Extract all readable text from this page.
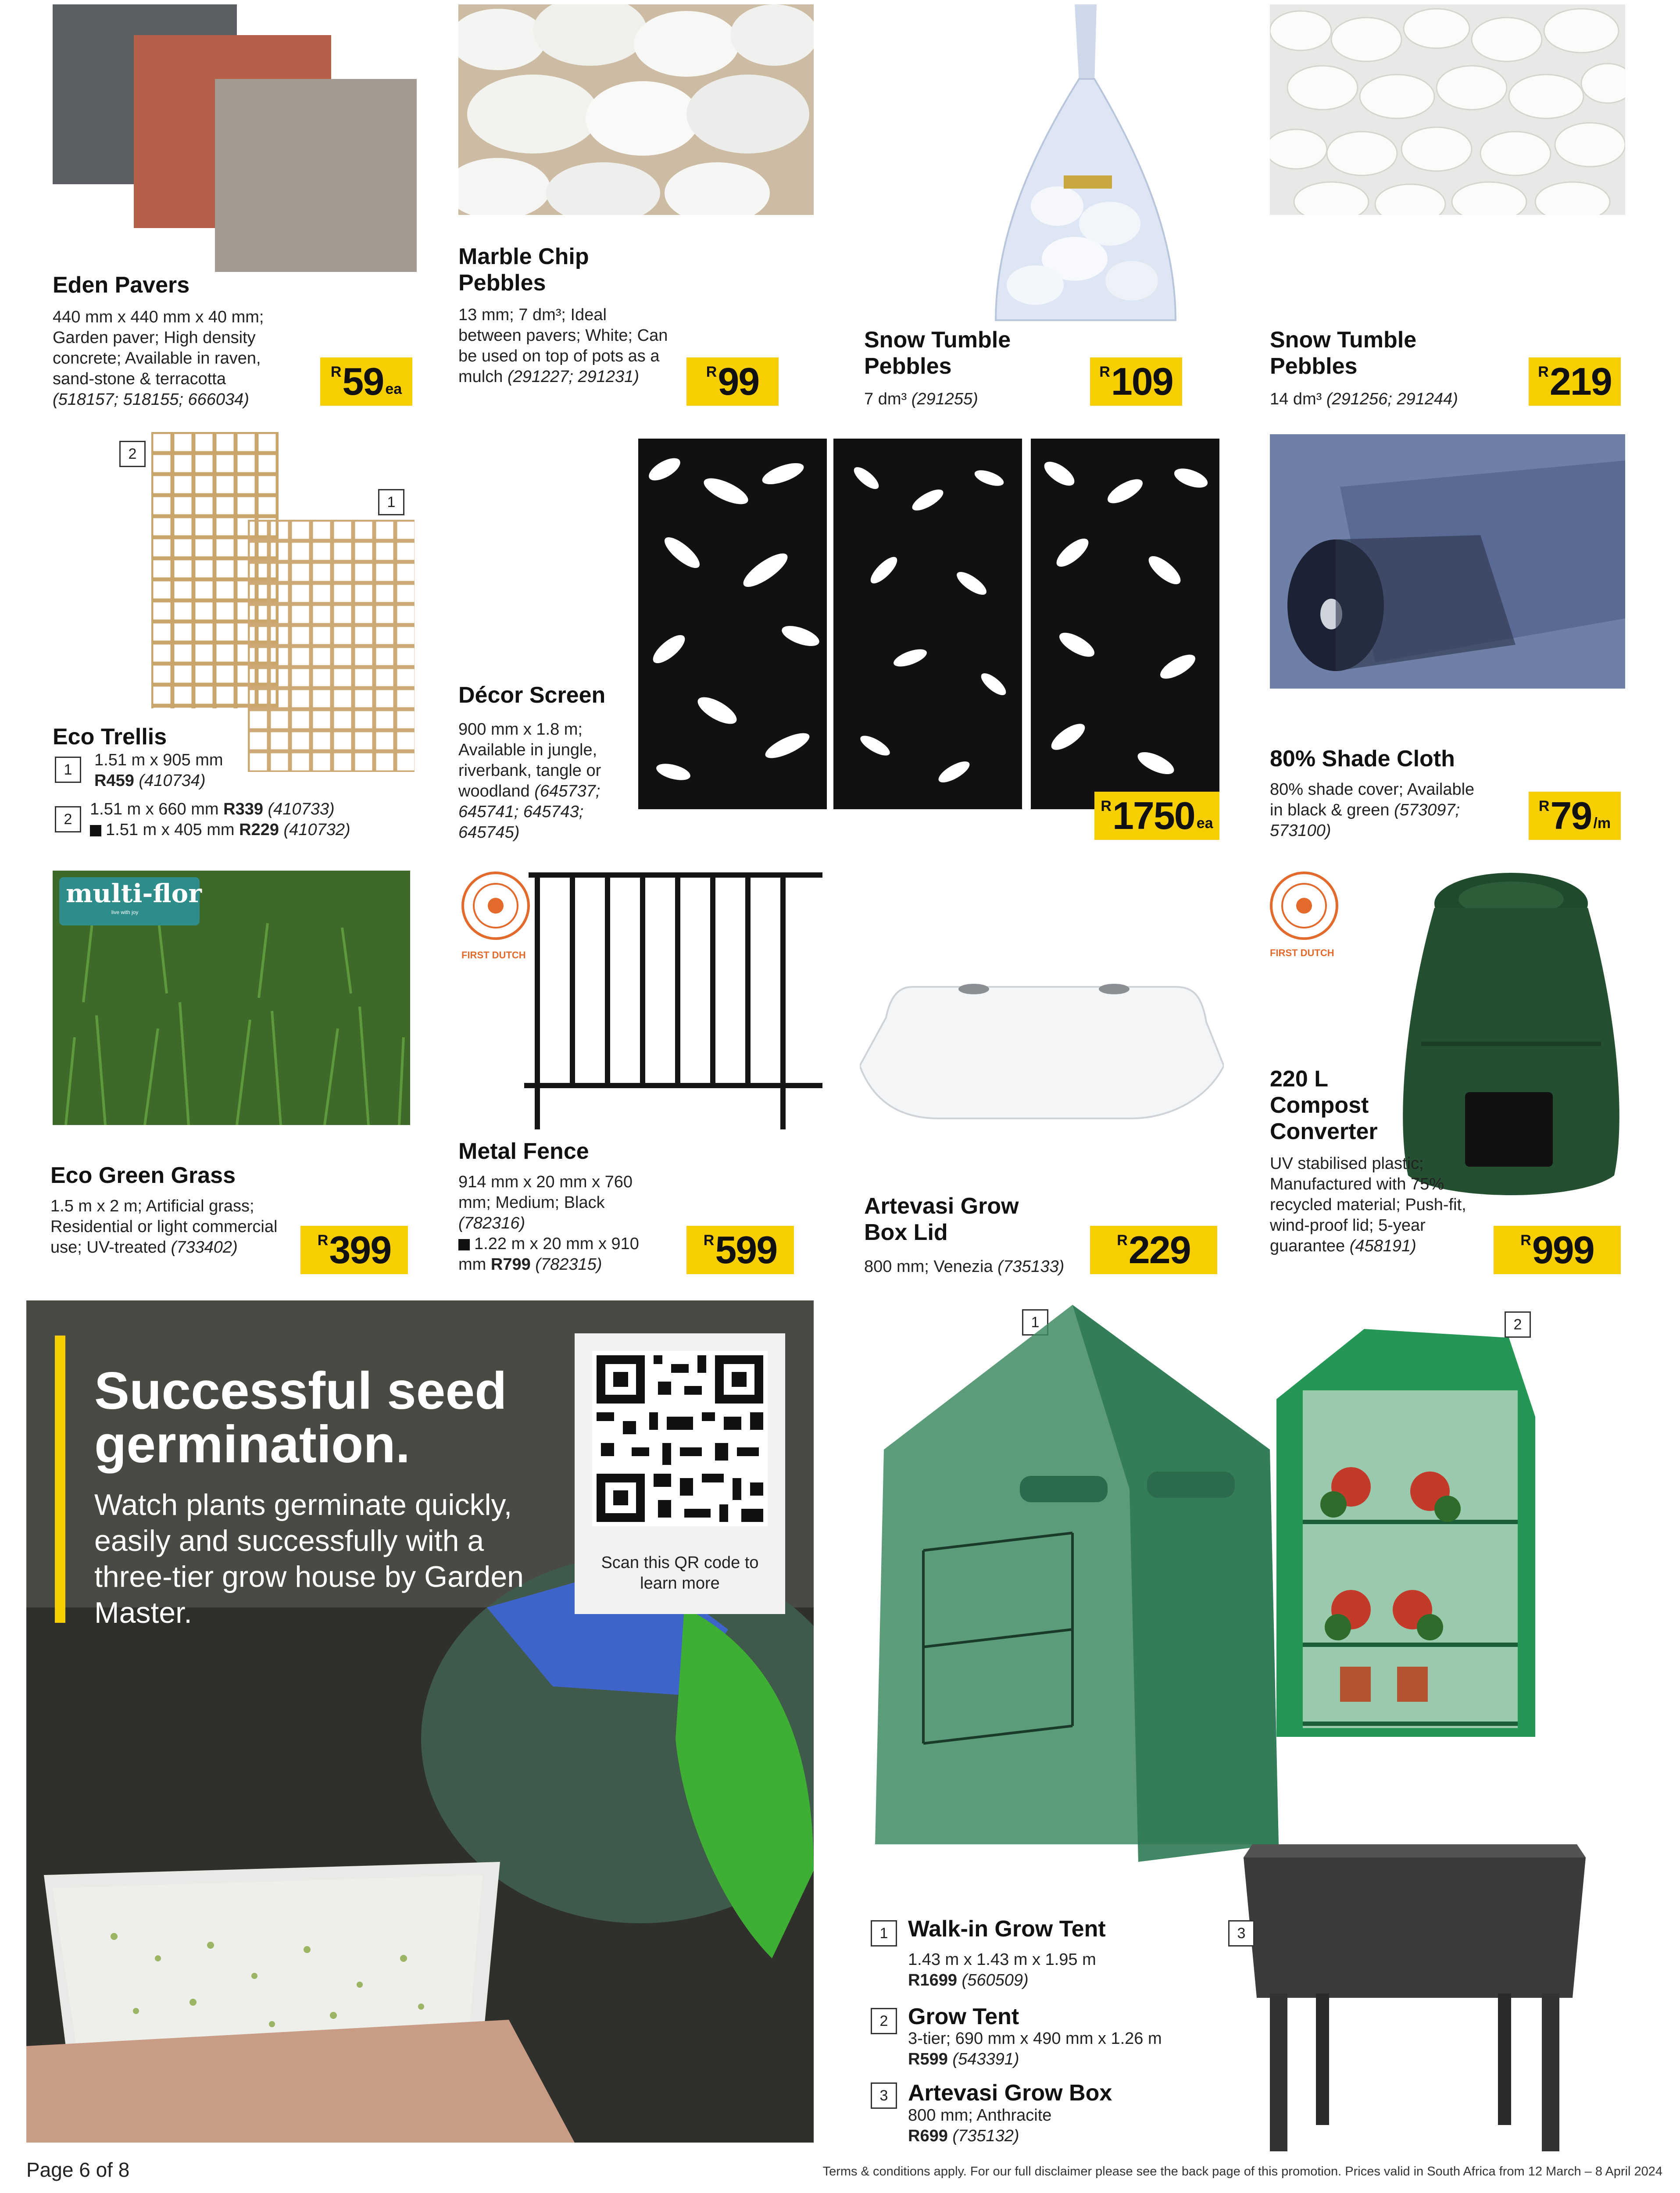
Eden Pavers
440 mm x 440 mm x 40 mm; Garden paver; High density concrete; Available in raven, sand-stone & terracotta (518157; 518155; 666034)
R 59 ea
Marble Chip Pebbles
13 mm; 7 dm³; Ideal between pavers; White; Can be used on top of pots as a mulch (291227; 291231)	R 99
Snow Tumble Pebbles
7 dm³ (291255)
R 109
Snow Tumble Pebbles
14 dm³ (291256; 291244)
R 219
2
1
Eco Trellis
1
1.51 m x 905 mm
R459 (410734)
2
1.51 m x 660 mm R339 (410733)
1.51 m x 405 mm R229 (410732)
Décor Screen
900 mm x 1.8 m; Available in jungle, riverbank, tangle or woodland (645737; 645741; 645743; 645745)
R 1750 ea
80% Shade Cloth
80% shade cover; Available in black & green (573097; 573100)
R 79 /m
multi-flor
live with joy
Eco Green Grass
1.5 m x 2 m; Artificial grass; Residential or light commercial use; UV-treated (733402)	R 399
FIRST DUTCH
Metal Fence
914 mm x 20 mm x 760 mm; Medium; Black (782316)
1.22 m x 20 mm x 910 mm R799 (782315)
R 599
Artevasi Grow Box Lid
800 mm; Venezia (735133)
R 229
FIRST DUTCH
220 L Compost Converter
UV stabilised plastic; Manufactured with 75% recycled material; Push-fit, wind-proof lid; 5-year guarantee (458191)	R 999
Successful seed germination.
Watch plants germinate quickly, easily and successfully with a three-tier grow house by Garden Master.
Scan this QR code to learn more
1	2
3
1 Walk-in Grow Tent
1.43 m x 1.43 m x 1.95 m
R1699 (560509)
2 Grow Tent
3-tier; 690 mm x 490 mm x 1.26 m
R599 (543391)
3 Artevasi Grow Box
800 mm; Anthracite
R699 (735132)
Page 6 of 8	Terms & conditions apply. For our full disclaimer please see the back page of this promotion. Prices valid in South Africa from 12 March – 8 April 2024
